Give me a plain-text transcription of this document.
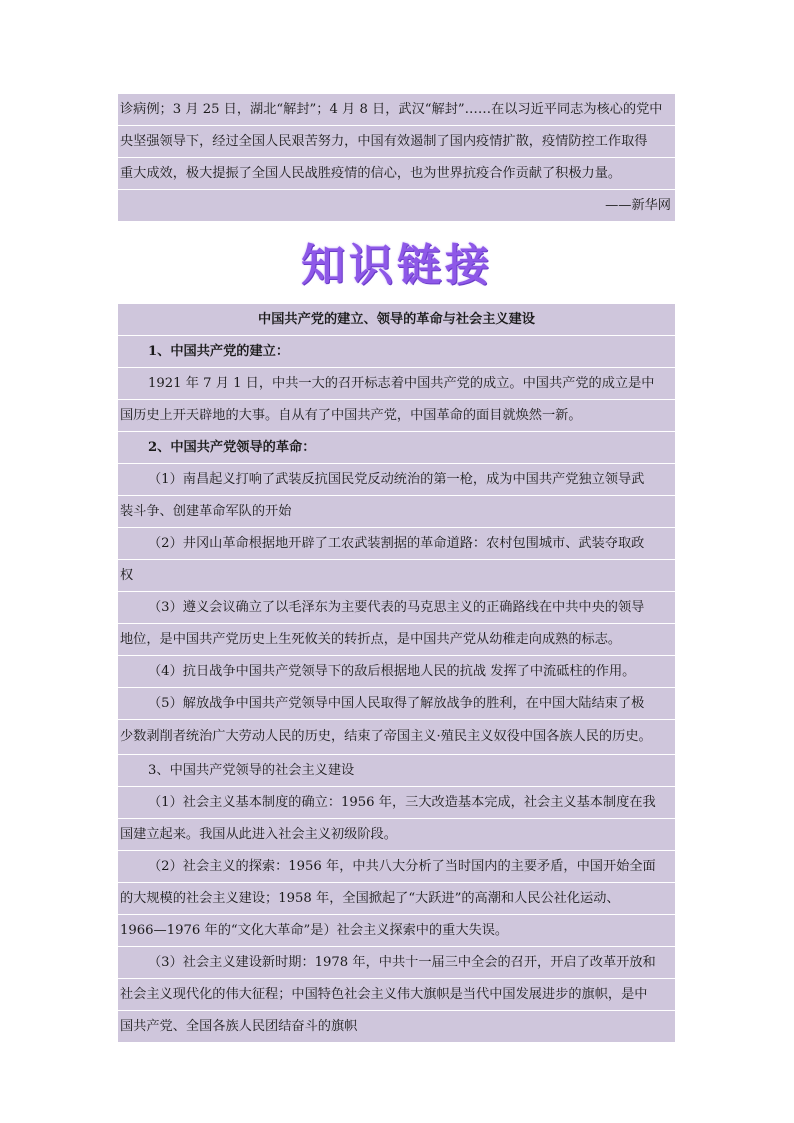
诊病例；3 月 25 日，湖北“解封”；4 月 8 日，武汉“解封”……在以习近平同志为核心的党中
央坚强领导下，经过全国人民艰苦努力，中国有效遏制了国内疫情扩散，疫情防控工作取得
重大成效，极大提振了全国人民战胜疫情的信心，也为世界抗疫合作贡献了积极力量。
——新华网
知识链接
中国共产党的建立、领导的革命与社会主义建设
1、中国共产党的建立：
1921 年 7 月 1 日，中共一大的召开标志着中国共产党的成立。中国共产党的成立是中
国历史上开天辟地的大事。自从有了中国共产党，中国革命的面目就焕然一新。
2、中国共产党领导的革命：
（1）南昌起义打响了武装反抗国民党反动统治的第一枪，成为中国共产党独立领导武
装斗争、创建革命军队的开始
（2）井冈山革命根据地开辟了工农武装割据的革命道路：农村包围城市、武装夺取政
权
（3）遵义会议确立了以毛泽东为主要代表的马克思主义的正确路线在中共中央的领导
地位，是中国共产党历史上生死攸关的转折点，是中国共产党从幼稚走向成熟的标志。
（4）抗日战争中国共产党领导下的敌后根据地人民的抗战 发挥了中流砥柱的作用。
（5）解放战争中国共产党领导中国人民取得了解放战争的胜利，在中国大陆结束了极
少数剥削者统治广大劳动人民的历史，结束了帝国主义·殖民主义奴役中国各族人民的历史。
3、中国共产党领导的社会主义建设
（1）社会主义基本制度的确立：1956 年，三大改造基本完成，社会主义基本制度在我
国建立起来。我国从此进入社会主义初级阶段。
（2）社会主义的探索：1956 年，中共八大分析了当时国内的主要矛盾，中国开始全面
的大规模的社会主义建设；1958 年，全国掀起了“大跃进”的高潮和人民公社化运动、
1966—1976 年的“文化大革命”是）社会主义探索中的重大失误。
（3）社会主义建设新时期：1978 年，中共十一届三中全会的召开，开启了改革开放和
社会主义现代化的伟大征程；中国特色社会主义伟大旗帜是当代中国发展进步的旗帜，是中
国共产党、全国各族人民团结奋斗的旗帜
